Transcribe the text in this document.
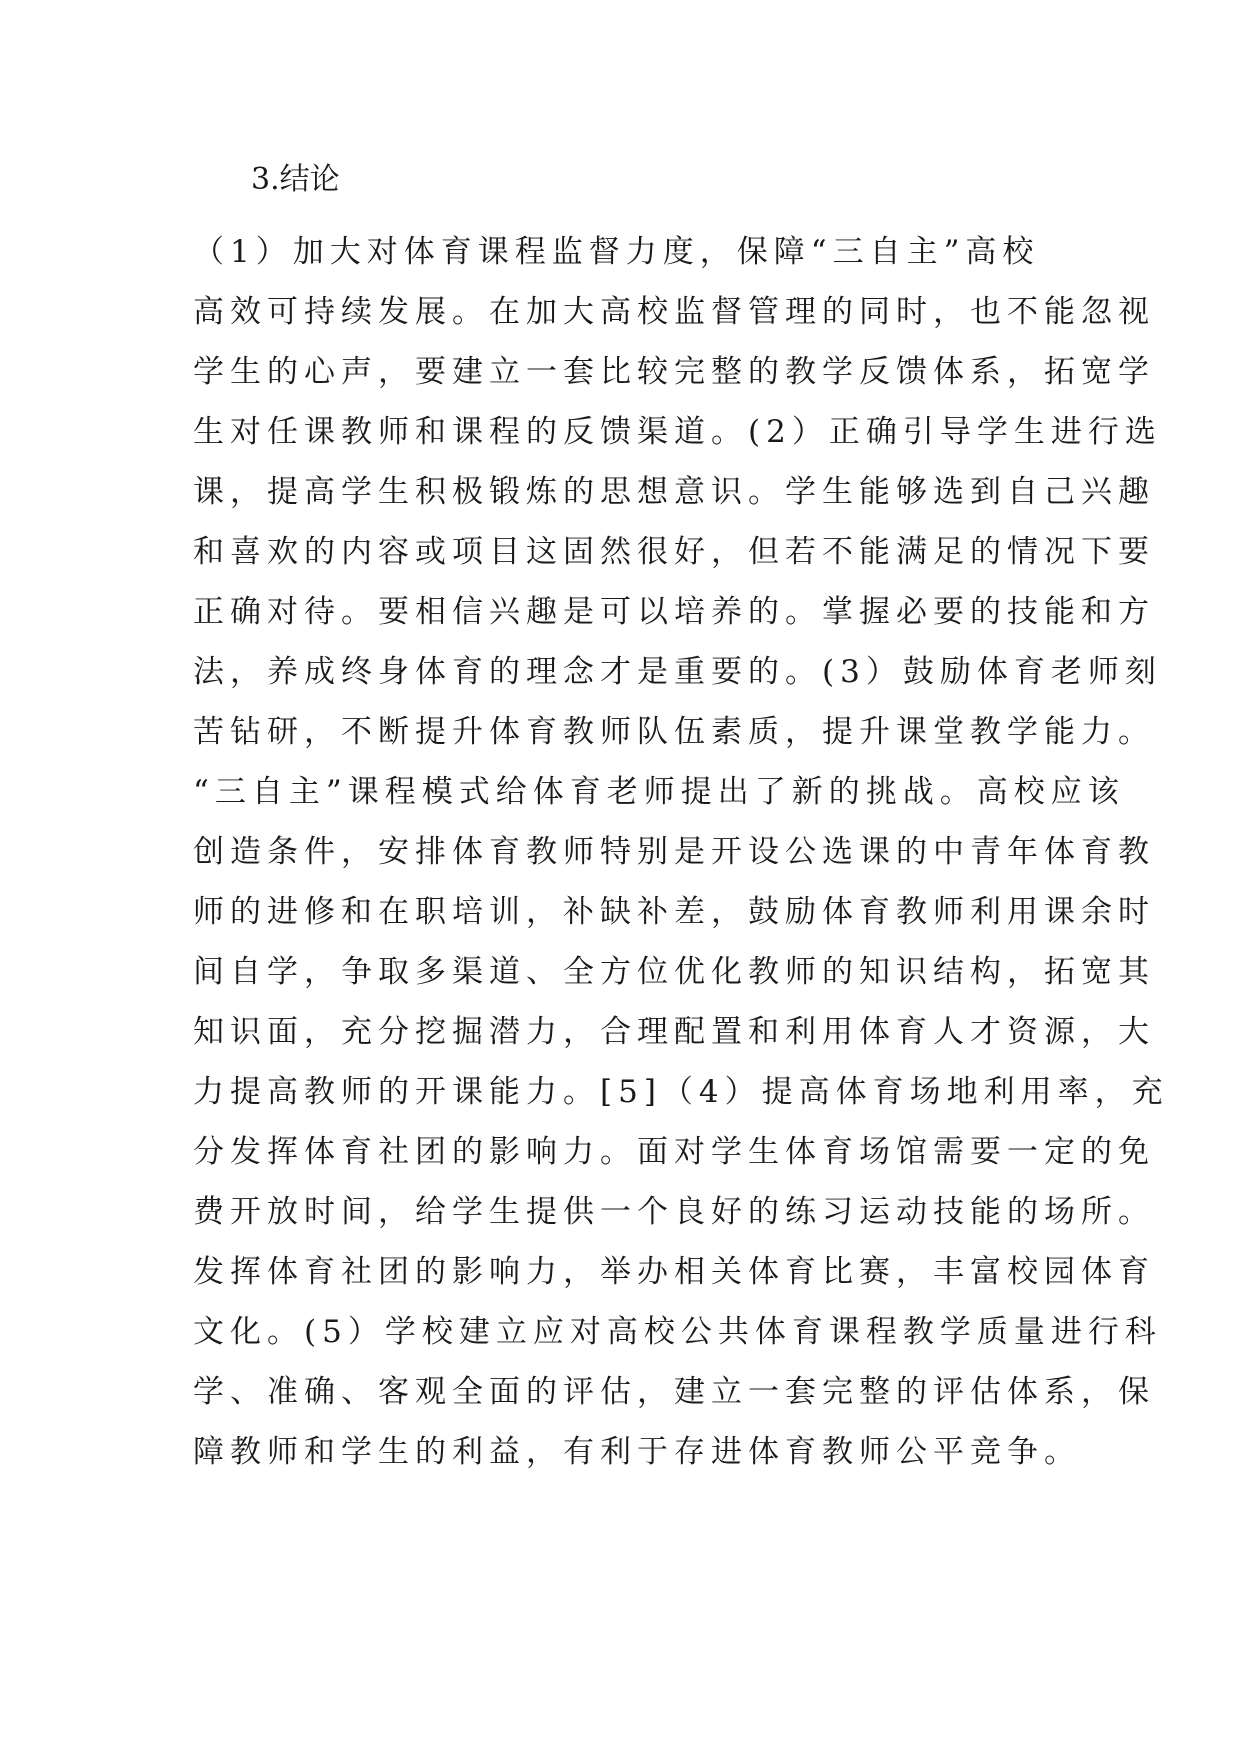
3.结论
（1）加大对体育课程监督力度，保障“三自主”高校
高效可持续发展。在加大高校监督管理的同时，也不能忽视
学生的心声，要建立一套比较完整的教学反馈体系，拓宽学
生对任课教师和课程的反馈渠道。(2）正确引导学生进行选
课，提高学生积极锻炼的思想意识。学生能够选到自己兴趣
和喜欢的内容或项目这固然很好，但若不能满足的情况下要
正确对待。要相信兴趣是可以培养的。掌握必要的技能和方
法，养成终身体育的理念才是重要的。(3）鼓励体育老师刻
苦钻研，不断提升体育教师队伍素质，提升课堂教学能力。
“三自主”课程模式给体育老师提出了新的挑战。高校应该
创造条件，安排体育教师特别是开设公选课的中青年体育教
师的进修和在职培训，补缺补差，鼓励体育教师利用课余时
间自学，争取多渠道、全方位优化教师的知识结构，拓宽其
知识面，充分挖掘潜力，合理配置和利用体育人才资源，大
力提高教师的开课能力。[5]（4）提高体育场地利用率，充
分发挥体育社团的影响力。面对学生体育场馆需要一定的免
费开放时间，给学生提供一个良好的练习运动技能的场所。
发挥体育社团的影响力，举办相关体育比赛，丰富校园体育
文化。(5）学校建立应对高校公共体育课程教学质量进行科
学、准确、客观全面的评估，建立一套完整的评估体系，保
障教师和学生的利益，有利于存进体育教师公平竞争。
